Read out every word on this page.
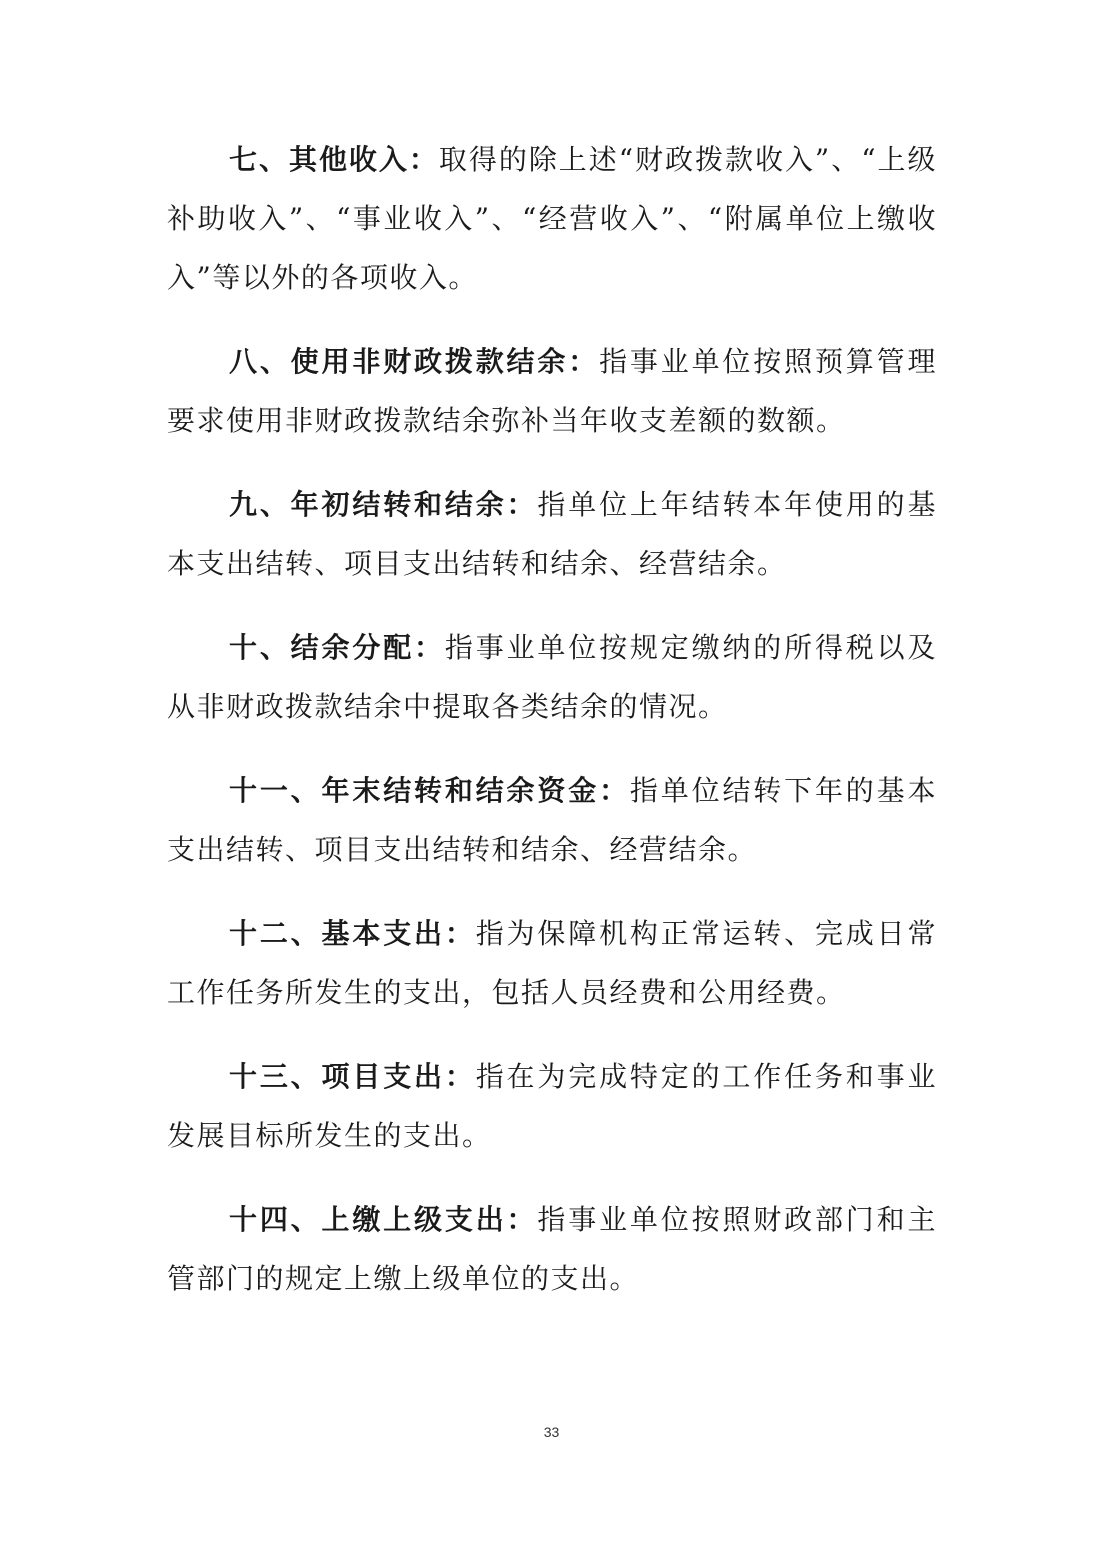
七、其他收入：取得的除上述“财政拨款收入”、“上级补助收入”、“事业收入”、“经营收入”、“附属单位上缴收入”等以外的各项收入。

八、使用非财政拨款结余：指事业单位按照预算管理要求使用非财政拨款结余弥补当年收支差额的数额。

九、年初结转和结余：指单位上年结转本年使用的基本支出结转、项目支出结转和结余、经营结余。

十、结余分配：指事业单位按规定缴纳的所得税以及从非财政拨款结余中提取各类结余的情况。

十一、年末结转和结余资金：指单位结转下年的基本支出结转、项目支出结转和结余、经营结余。

十二、基本支出：指为保障机构正常运转、完成日常工作任务所发生的支出，包括人员经费和公用经费。

十三、项目支出：指在为完成特定的工作任务和事业发展目标所发生的支出。

十四、上缴上级支出：指事业单位按照财政部门和主管部门的规定上缴上级单位的支出。

33
